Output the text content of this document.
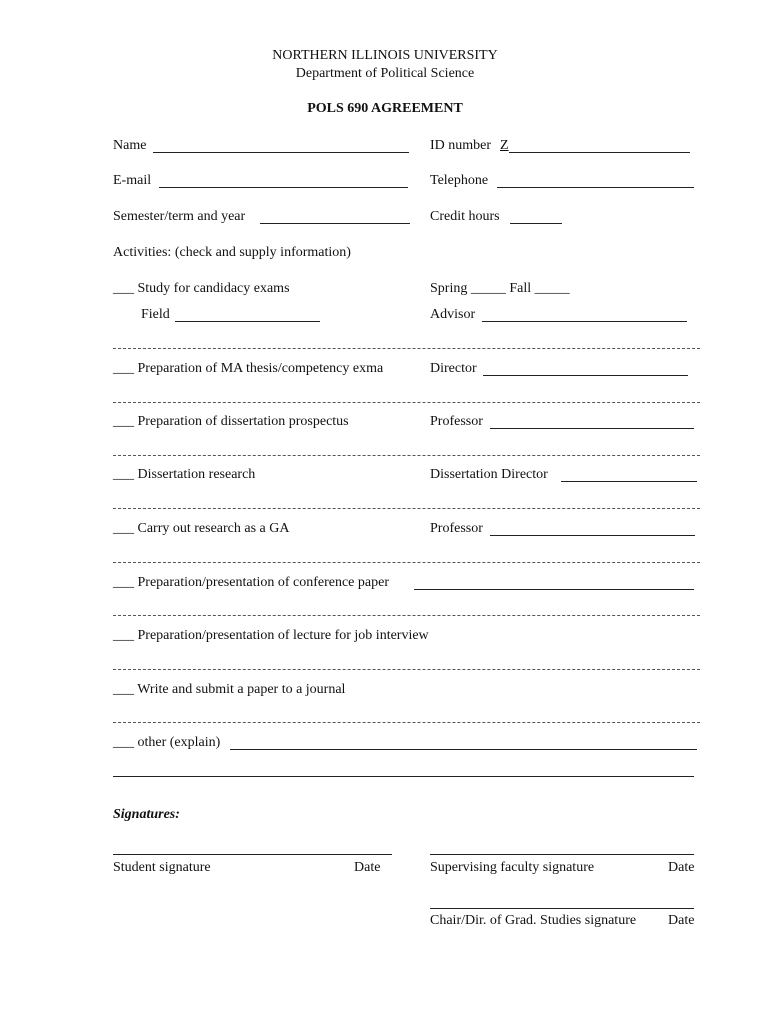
NORTHERN ILLINOIS UNIVERSITY
Department of Political Science
POLS 690 AGREEMENT
Name	ID number Z
E-mail	Telephone
Semester/term and year	Credit hours
Activities: (check and supply information)
___ Study for candidacy exams	Spring _____ Fall _____
Field	Advisor
___ Preparation of MA thesis/competency exma	Director
___ Preparation of dissertation prospectus	Professor
___ Dissertation research	Dissertation Director
___ Carry out research as a GA	Professor
___ Preparation/presentation of conference paper
___ Preparation/presentation of lecture for job interview
___ Write and submit a paper to a journal
___ other (explain)
Signatures:
Student signature	Date	Supervising faculty signature	Date
Chair/Dir. of Grad. Studies signature Date
